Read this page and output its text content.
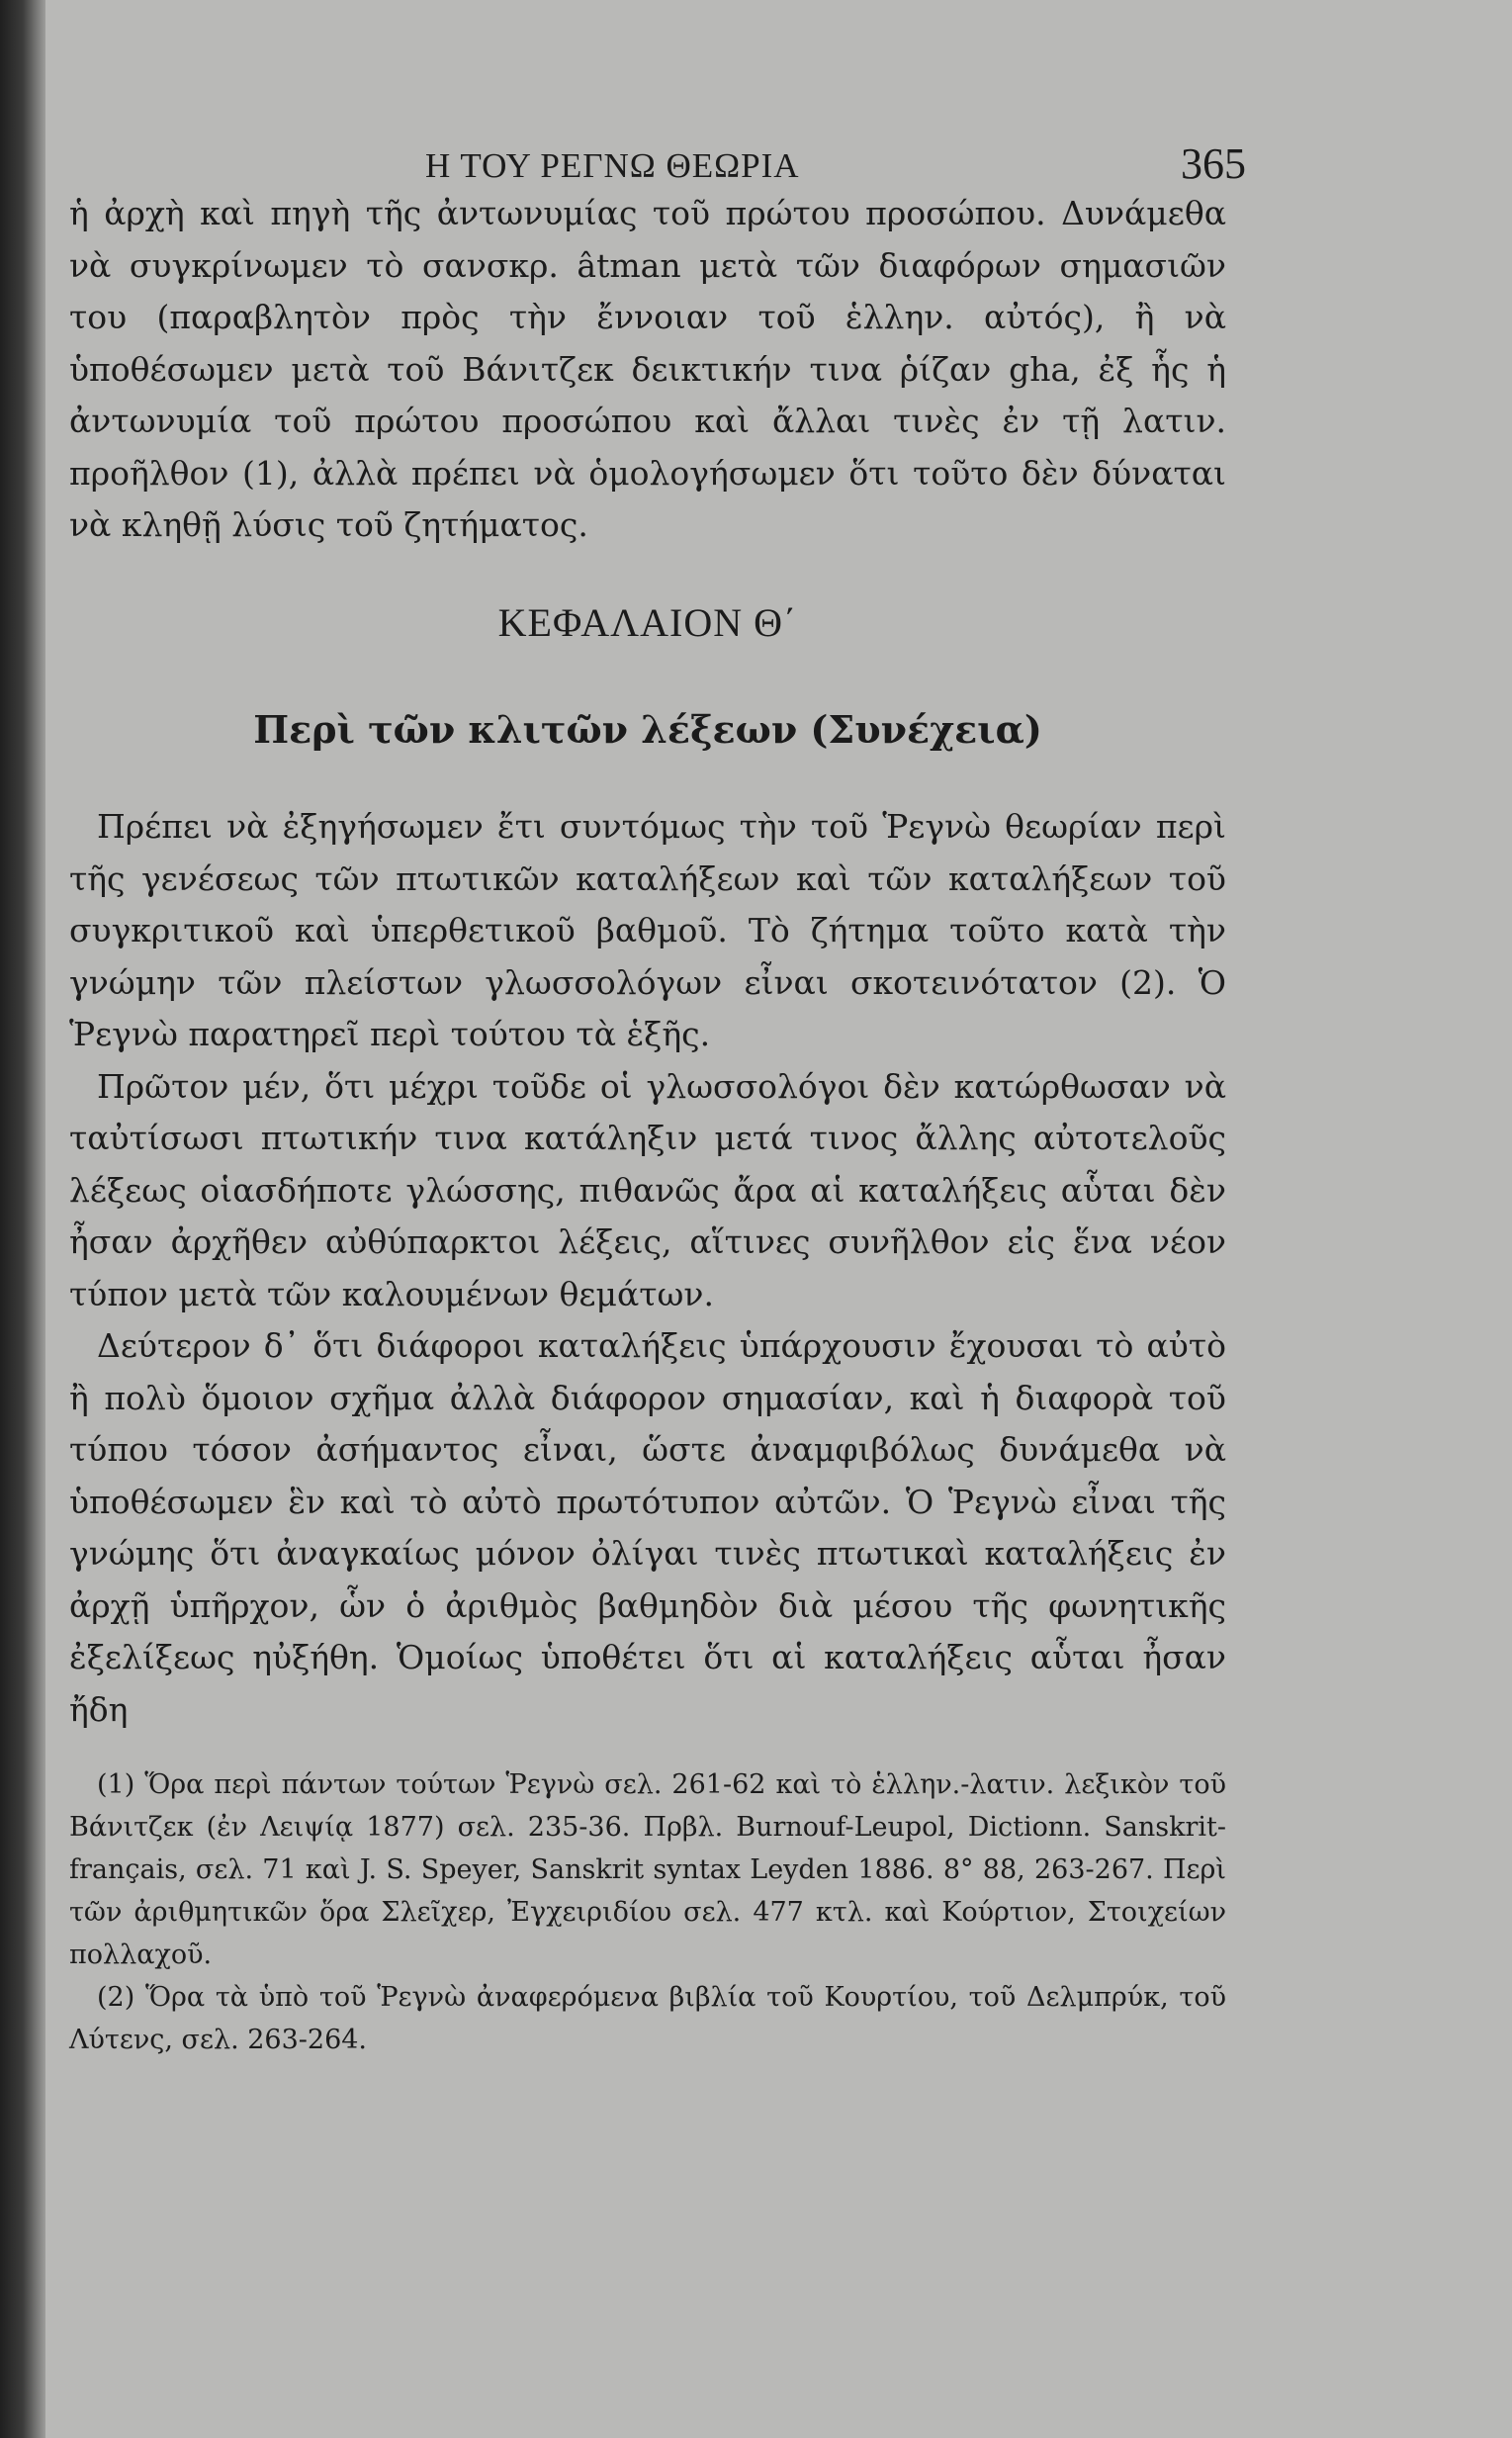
Η ΤΟΥ ΡΕΓΝΩ ΘΕΩΡΙΑ	365

ἡ ἀρχὴ καὶ πηγὴ τῆς ἀντωνυμίας τοῦ πρώτου προσώπου. Δυνάμεθα νὰ συγκρίνωμεν τὸ σανσκρ. âtman μετὰ τῶν διαφόρων σημασιῶν του (παραβλητὸν πρὸς τὴν ἔννοιαν τοῦ ἑλλην. αὐτός), ἢ νὰ ὑποθέσωμεν μετὰ τοῦ Βάνιτζεκ δεικτικήν τινα ῥίζαν gha, ἐξ ἧς ἡ ἀντωνυμία τοῦ πρώτου προσώπου καὶ ἄλλαι τινὲς ἐν τῇ λατιν. προῆλθον (1), ἀλλὰ πρέπει νὰ ὁμολογήσωμεν ὅτι τοῦτο δὲν δύναται νὰ κληθῇ λύσις τοῦ ζητήματος.

ΚΕΦΑΛΑΙΟΝ Θ΄
Περὶ τῶν κλιτῶν λέξεων (Συνέχεια)

Πρέπει νὰ ἐξηγήσωμεν ἔτι συντόμως τὴν τοῦ Ῥεγνὼ θεωρίαν περὶ τῆς γενέσεως τῶν πτωτικῶν καταλήξεων καὶ τῶν καταλήξεων τοῦ συγκριτικοῦ καὶ ὑπερθετικοῦ βαθμοῦ. Τὸ ζήτημα τοῦτο κατὰ τὴν γνώμην τῶν πλείστων γλωσσολόγων εἶναι σκοτεινότατον (2). Ὁ Ῥεγνὼ παρατηρεῖ περὶ τούτου τὰ ἑξῆς.

Πρῶτον μέν, ὅτι μέχρι τοῦδε οἱ γλωσσολόγοι δὲν κατώρθωσαν νὰ ταὐτίσωσι πτωτικήν τινα κατάληξιν μετά τινος ἄλλης αὐτοτελοῦς λέξεως οἱασδήποτε γλώσσης, πιθανῶς ἄρα αἱ καταλήξεις αὗται δὲν ἦσαν ἀρχῆθεν αὐθύπαρκτοι λέξεις, αἵτινες συνῆλθον εἰς ἕνα νέον τύπον μετὰ τῶν καλουμένων θεμάτων.

Δεύτερον δ᾽ ὅτι διάφοροι καταλήξεις ὑπάρχουσιν ἔχουσαι τὸ αὐτὸ ἢ πολὺ ὅμοιον σχῆμα ἀλλὰ διάφορον σημασίαν, καὶ ἡ διαφορὰ τοῦ τύπου τόσον ἀσήμαντος εἶναι, ὥστε ἀναμφιβόλως δυνάμεθα νὰ ὑποθέσωμεν ἓν καὶ τὸ αὐτὸ πρωτότυπον αὐτῶν. Ὁ Ῥεγνὼ εἶναι τῆς γνώμης ὅτι ἀναγκαίως μόνον ὀλίγαι τινὲς πτωτικαὶ καταλήξεις ἐν ἀρχῇ ὑπῆρχον, ὧν ὁ ἀριθμὸς βαθμηδὸν διὰ μέσου τῆς φωνητικῆς ἐξελίξεως ηὐξήθη. Ὁμοίως ὑποθέτει ὅτι αἱ καταλήξεις αὗται ἦσαν ἤδη

(1) Ὅρα περὶ πάντων τούτων Ῥεγνὼ σελ. 261-62 καὶ τὸ ἑλλην.-λατιν. λεξικὸν τοῦ Βάνιτζεκ (ἐν Λειψίᾳ 1877) σελ. 235-36. Πρβλ. Burnouf-Leupol, Dictionn. Sanskrit-français, σελ. 71 καὶ J. S. Speyer, Sanskrit syntax Leyden 1886. 8° 88, 263-267. Περὶ τῶν ἀριθμητικῶν ὅρα Σλεῖχερ, Ἐγχειριδίου σελ. 477 κτλ. καὶ Κούρτιον, Στοιχείων πολλαχοῦ.

(2) Ὅρα τὰ ὑπὸ τοῦ Ῥεγνὼ ἀναφερόμενα βιβλία τοῦ Κουρτίου, τοῦ Δελμπρύκ, τοῦ Λύτενς, σελ. 263-264.
